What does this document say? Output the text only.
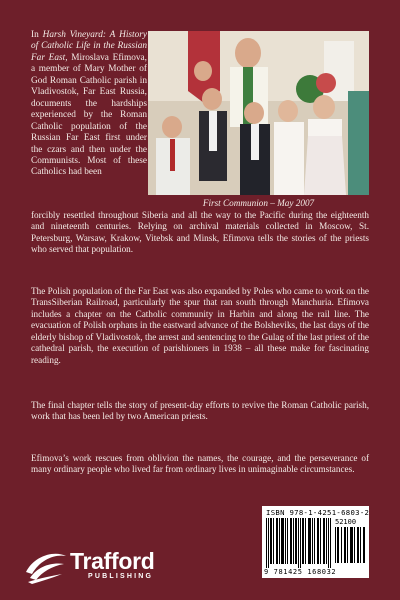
In Harsh Vineyard: A History of Catholic Life in the Russian Far East, Miroslava Efimova, a member of Mary Mother of God Roman Catholic parish in Vladivostok, Far East Russia, documents the hardships experienced by the Roman Catholic population of the Russian Far East first under the czars and then under the Communists. Most of these Catholics had been
First Communion – May 2007
forcibly resettled throughout Siberia and all the way to the Pacific during the eighteenth and nineteenth centuries. Relying on archival materials collected in Moscow, St. Petersburg, Warsaw, Krakow, Vitebsk and Minsk, Efimova tells the stories of the priests who served that population.
The Polish population of the Far East was also expanded by Poles who came to work on the TransSiberian Railroad, particularly the spur that ran south through Manchuria. Efimova includes a chapter on the Catholic community in Harbin and along the rail line. The evacuation of Polish orphans in the eastward advance of the Bolsheviks, the last days of the elderly bishop of Vladivostok, the arrest and sentencing to the Gulag of the last priest of the cathedral parish, the execution of parishioners in 1938 – all these make for fascinating reading.
The final chapter tells the story of present-day efforts to revive the Roman Catholic parish, work that has been led by two American priests.
Efimova’s work rescues from oblivion the names, the courage, and the perseverance of many ordinary people who lived far from ordinary lives in unimaginable circumstances.
ISBN 978-1-4251-6803-2
52100
9 781425 168032
Trafford
PUBLISHING
